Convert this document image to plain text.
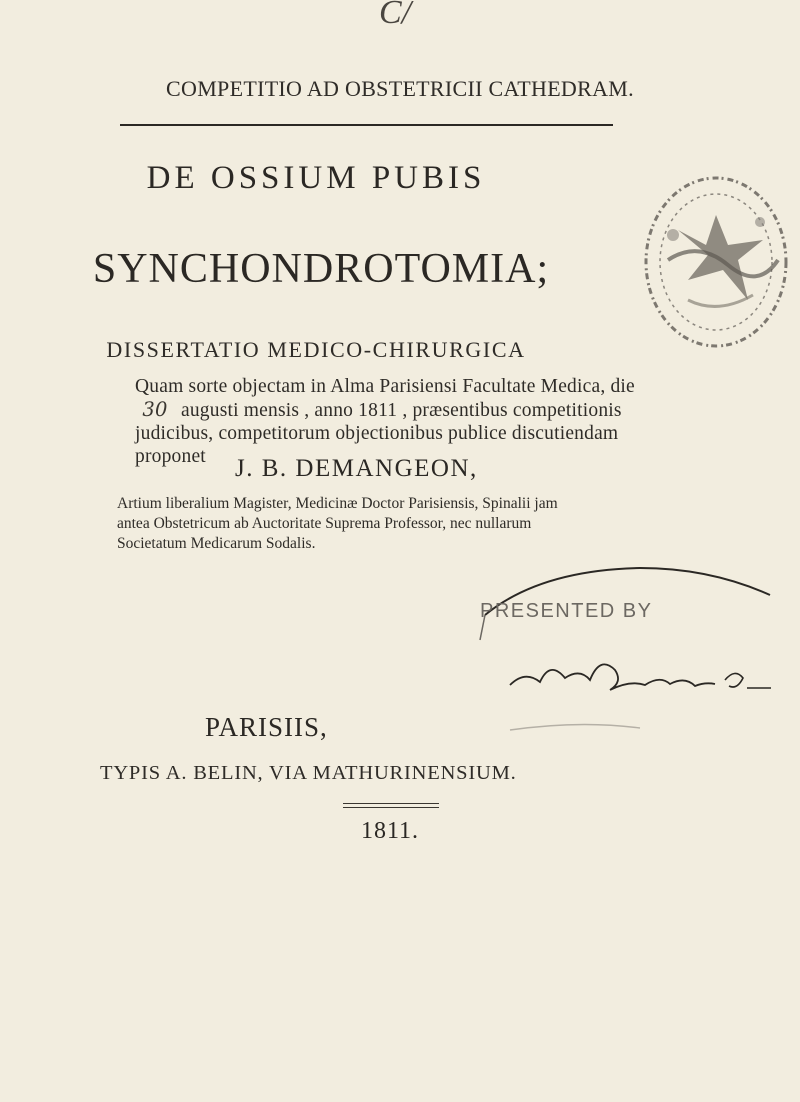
C/
COMPETITIO AD OBSTETRICII CATHEDRAM.
DE OSSIUM PUBIS
SYNCHONDROTOMIA;
DISSERTATIO MEDICO-CHIRURGICA
Quam sorte objectam in Alma Parisiensi Facultate Medica, die
30 augusti mensis , anno 1811 , præsentibus competitionis
judicibus, competitorum objectionibus publice discutiendam
proponet	J. B. DEMANGEON,
Artium liberalium Magister, Medicinæ Doctor Parisiensis, Spinalii jam
antea Obstetricum ab Auctoritate Suprema Professor, nec nullarum
Societatum Medicarum Sodalis.
PRESENTED BY
PARISIIS,
TYPIS A. BELIN, VIA MATHURINENSIUM.
1811.
